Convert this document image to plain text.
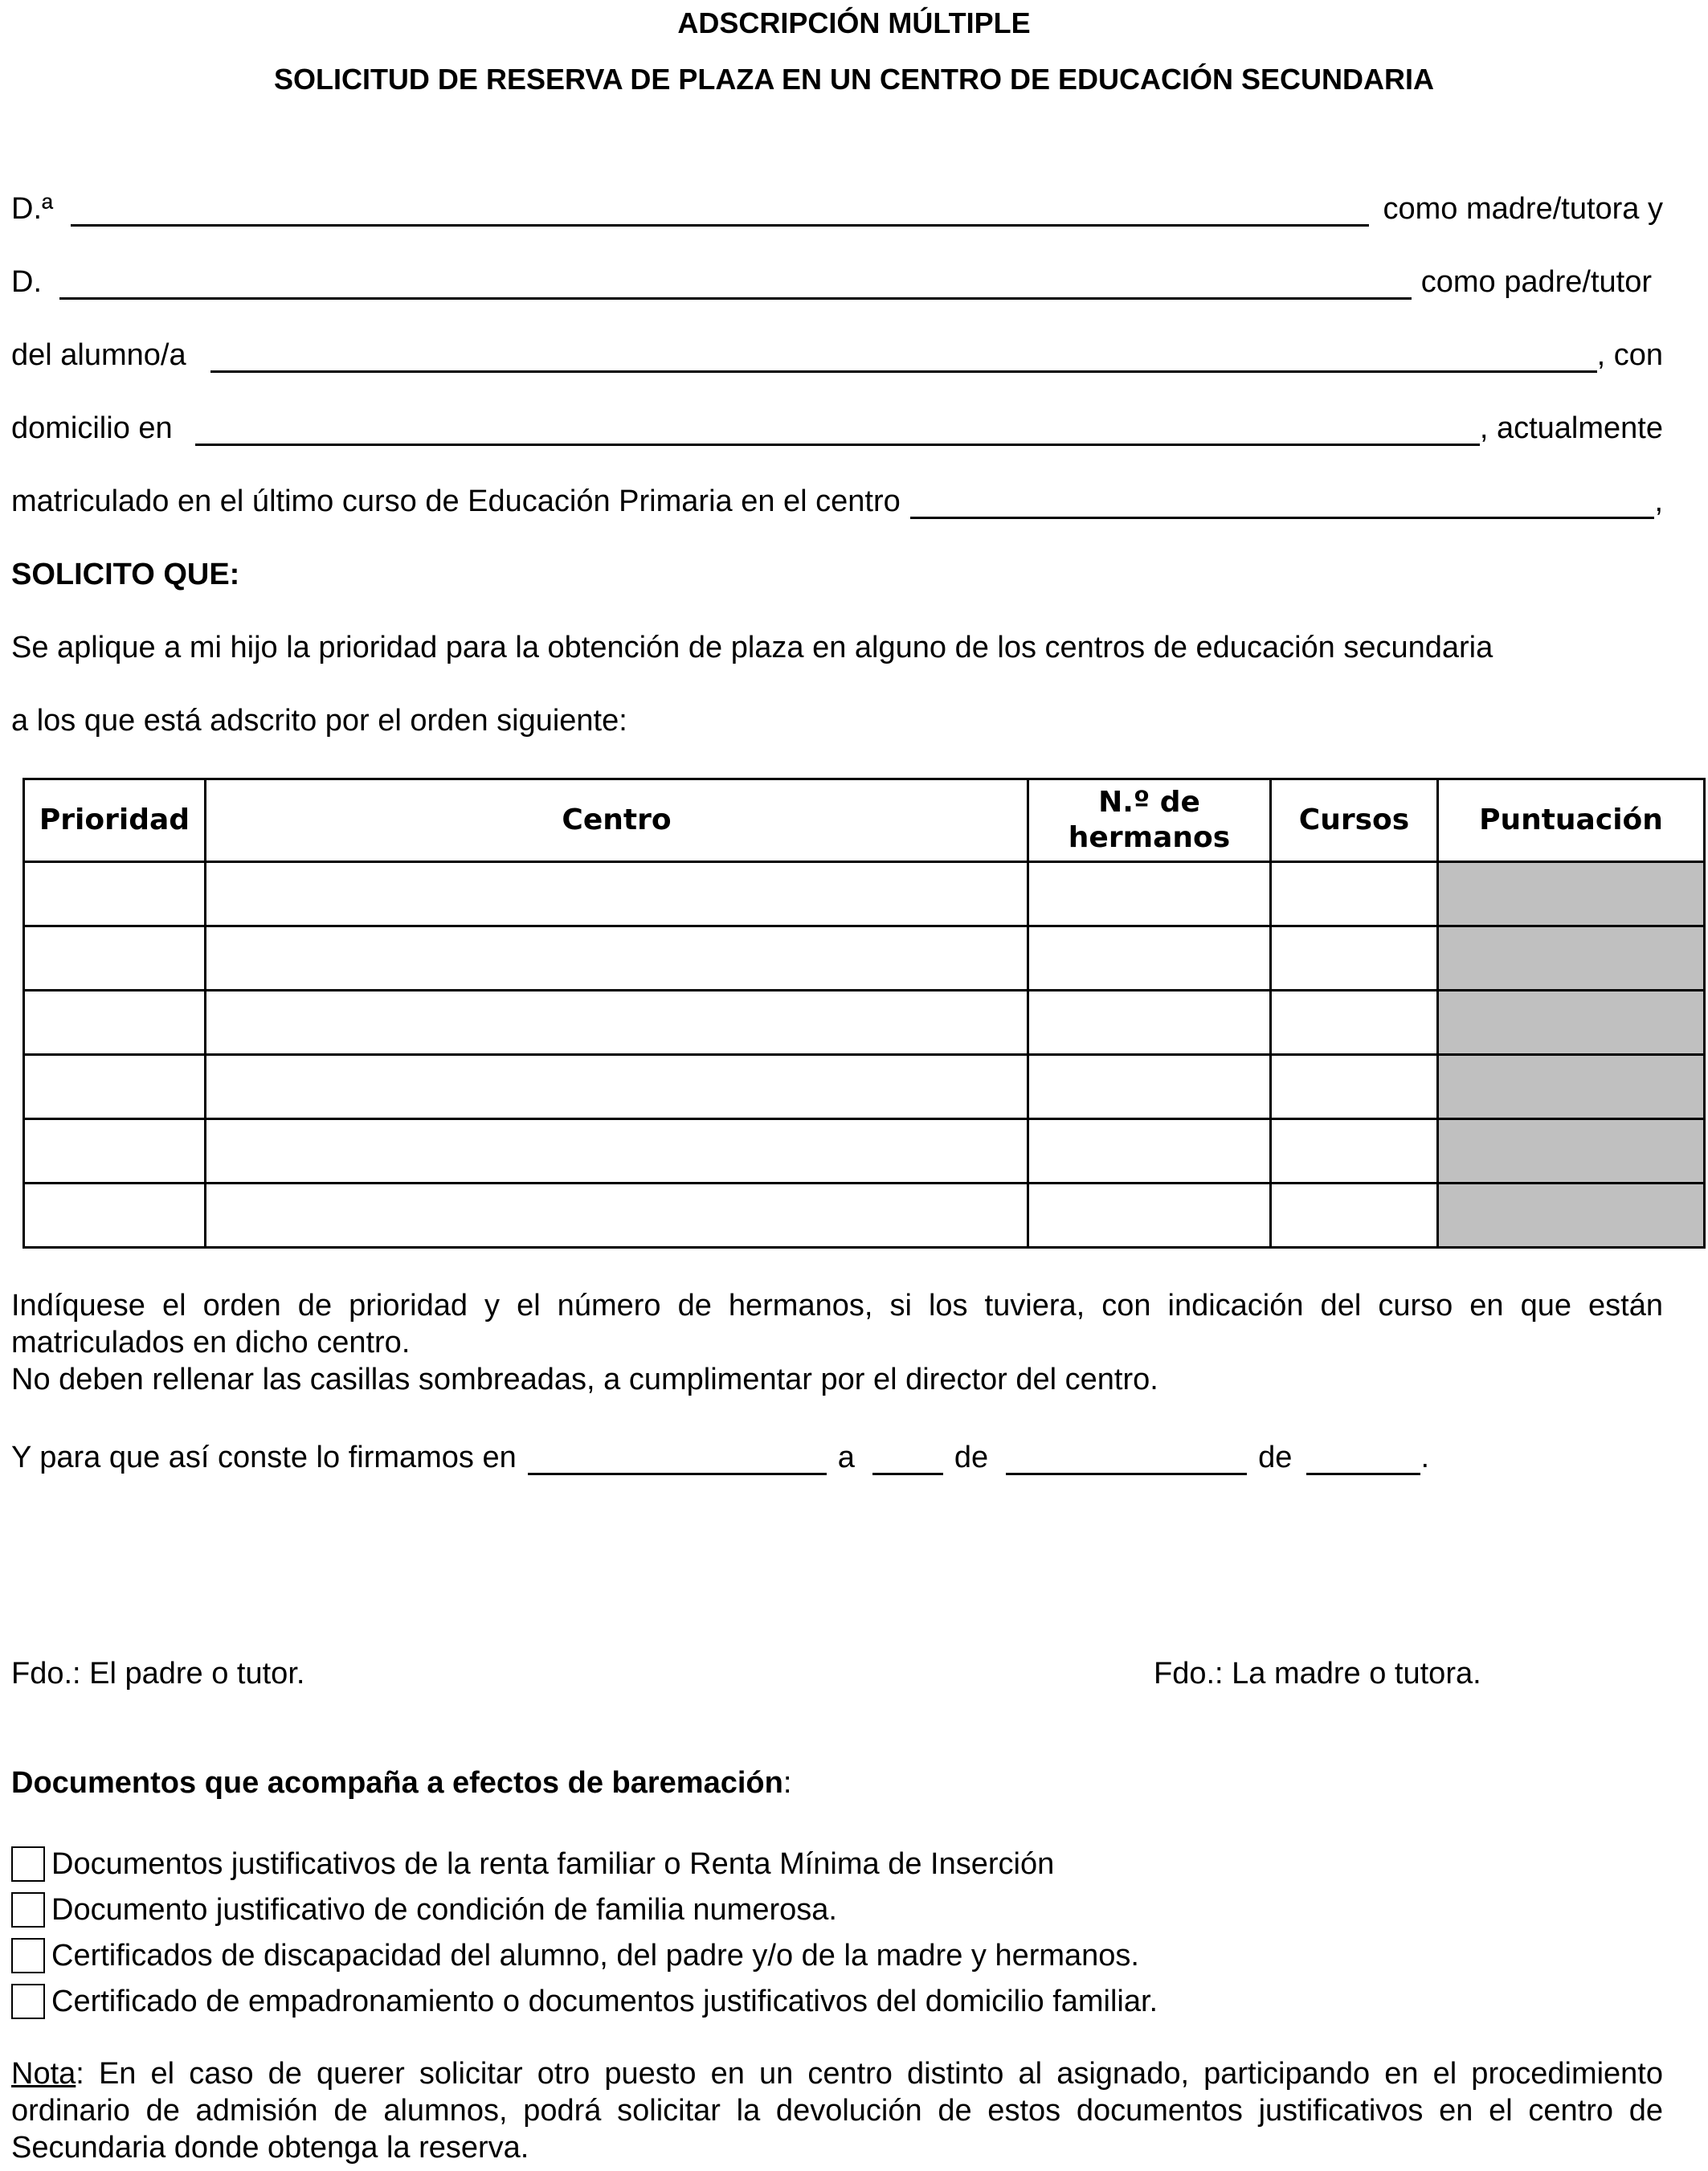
ADSCRIPCIÓN MÚLTIPLE
SOLICITUD DE RESERVA DE PLAZA EN UN CENTRO DE EDUCACIÓN SECUNDARIA
D.ª	como madre/tutora y
D.	como padre/tutor
del alumno/a	, con
domicilio en	, actualmente
matriculado en el último curso de Educación Primaria en el centro	,
SOLICITO QUE:
Se aplique a mi hijo la prioridad para la obtención de plaza en alguno de los centros de educación secundaria
a los que está adscrito por el orden siguiente:
Prioridad	Centro	N.º de hermanos	Cursos	Puntuación

Indíquese el orden de prioridad y el número de hermanos, si los tuviera, con indicación del curso en que están matriculados en dicho centro.
No deben rellenar las casillas sombreadas, a cumplimentar por el director del centro.
Y para que así conste lo firmamos en	a	de	de	.
Fdo.: El padre o tutor.	Fdo.: La madre o tutora.
Documentos que acompaña a efectos de baremación:
Documentos justificativos de la renta familiar o Renta Mínima de Inserción
Documento justificativo de condición de familia numerosa.
Certificados de discapacidad del alumno, del padre y/o de la madre y hermanos.
Certificado de empadronamiento o documentos justificativos del domicilio familiar.
Nota: En el caso de querer solicitar otro puesto en un centro distinto al asignado, participando en el procedimiento ordinario de admisión de alumnos, podrá solicitar la devolución de estos documentos justificativos en el centro de Secundaria donde obtenga la reserva.
